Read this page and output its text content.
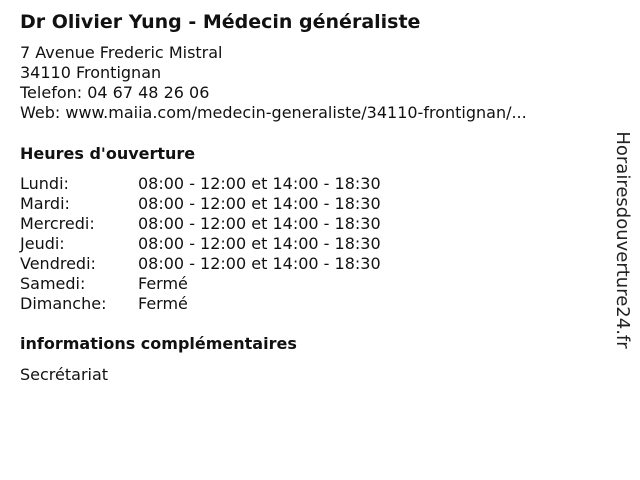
Dr Olivier Yung - Médecin généraliste
7 Avenue Frederic Mistral
34110 Frontignan
Telefon: 04 67 48 26 06
Web: www.maiia.com/medecin-generaliste/34110-frontignan/...
Heures d'ouverture
Lundi:	08:00 - 12:00 et 14:00 - 18:30
Mardi:	08:00 - 12:00 et 14:00 - 18:30
Mercredi:	08:00 - 12:00 et 14:00 - 18:30
Jeudi:	08:00 - 12:00 et 14:00 - 18:30
Vendredi:	08:00 - 12:00 et 14:00 - 18:30
Samedi:	Fermé
Dimanche: Fermé
informations complémentaires
Secrétariat
Horairesdouverture24.fr
